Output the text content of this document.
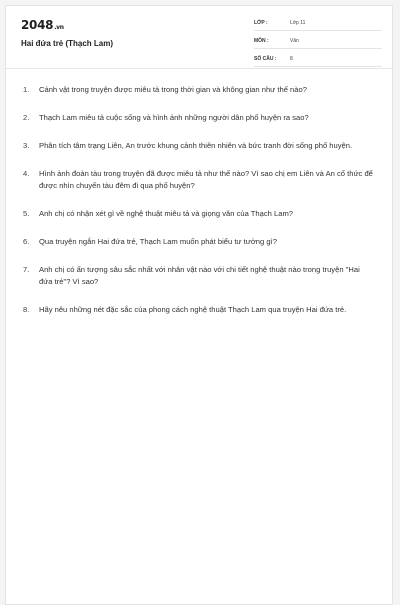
2048.vn
Hai đứa trẻ (Thạch Lam)
LỚP :	Lớp 11
MÔN :	Văn
SỐ CÂU :	8
1. Cảnh vật trong truyện được miêu tả trong thời gian và không gian như thế nào?
2. Thạch Lam miêu tả cuộc sống và hình ảnh những người dân phố huyện ra sao?
3. Phân tích tâm trạng Liên, An trước khung cảnh thiên nhiên và bức tranh đời sống phố huyện.
4. Hình ảnh đoàn tàu trong truyện đã được miêu tả như thế nào? Vì sao chị em Liên và An cố thức để được nhìn chuyến tàu đêm đi qua phố huyện?
5. Anh chị có nhận xét gì về nghệ thuật miêu tả và giọng văn của Thạch Lam?
6. Qua truyện ngắn Hai đứa trẻ, Thạch Lam muốn phát biểu tư tưởng gì?
7. Anh chị có ấn tượng sâu sắc nhất với nhân vật nào với chi tiết nghệ thuật nào trong truyện "Hai đứa trẻ"? Vì sao?
8. Hãy nêu những nét đặc sắc của phong cách nghệ thuật Thạch Lam qua truyện Hai đứa trẻ.
